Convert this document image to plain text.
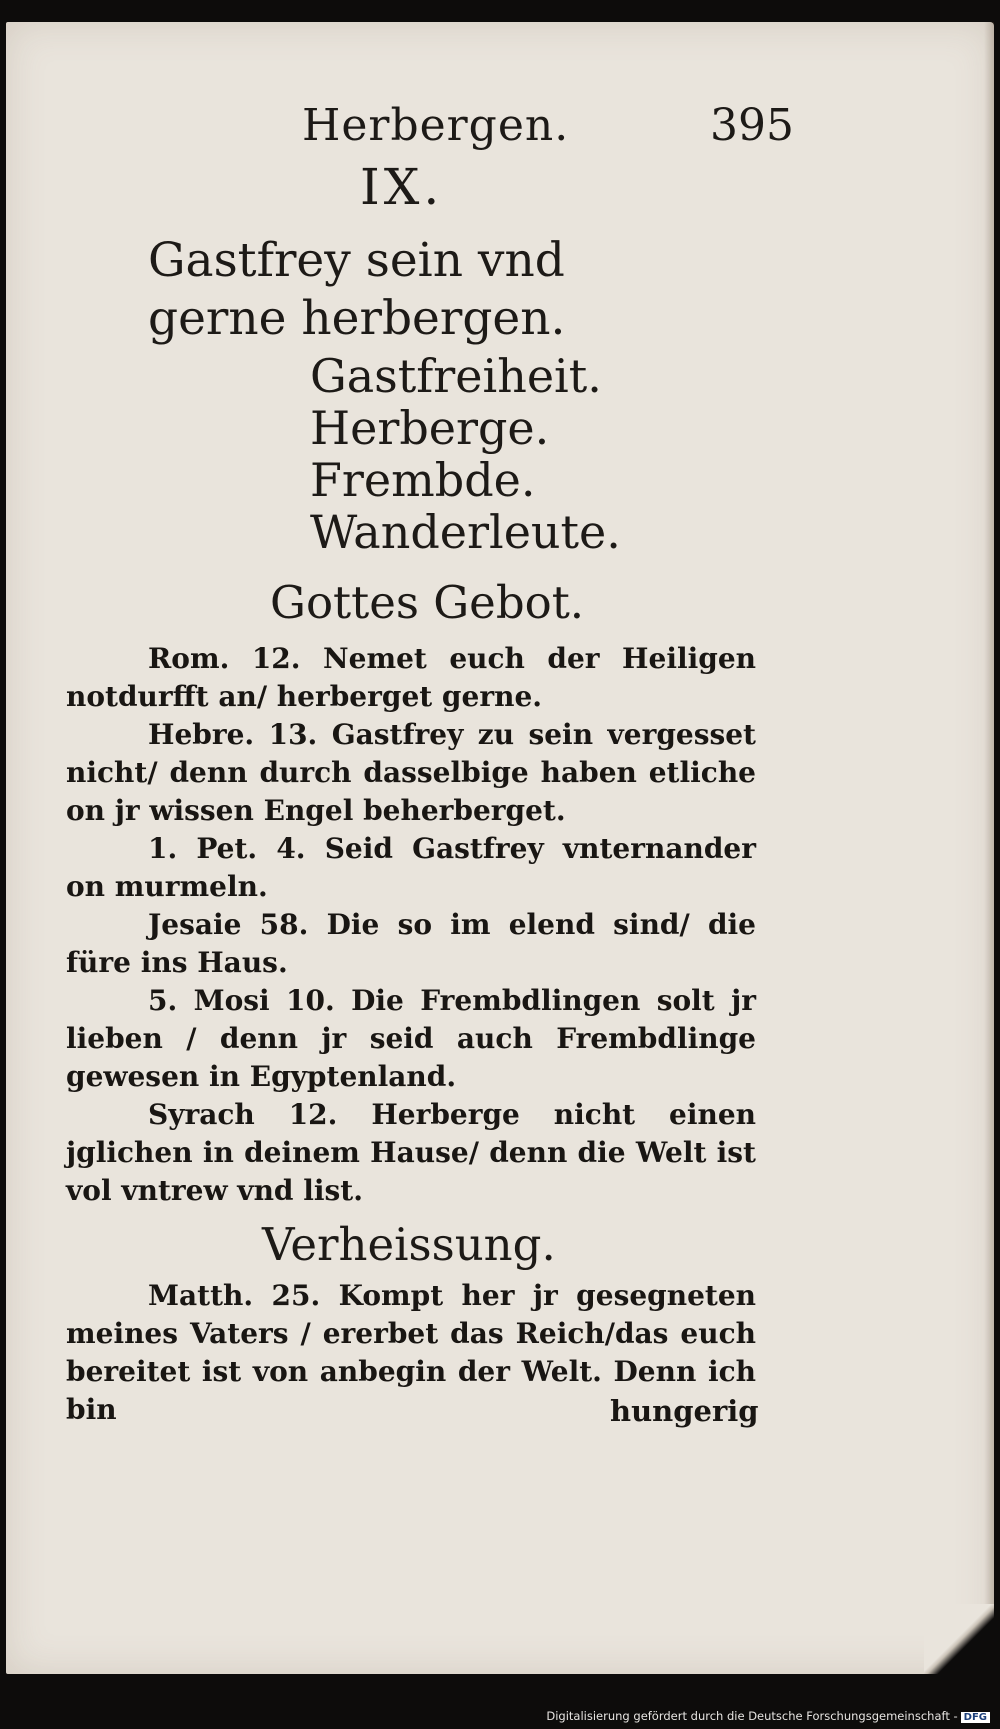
Herbergen.	395
IX.
Gastfrey sein vnd gerne herbergen.
Gastfreiheit.
Herberge.
Frembde.
Wanderleute.
Gottes Gebot.

Rom. 12. Nemet euch der Heiligen notdurfft an/ herberget gerne.

Hebre. 13. Gastfrey zu sein vergesset nicht/ denn durch dasselbige haben etliche on jr wissen Engel beherberget.

1. Pet. 4. Seid Gastfrey vnternander on murmeln.

Jesaie 58. Die so im elend sind/ die füre ins Haus.

5. Mosi 10. Die Frembdlingen solt jr lieben / denn jr seid auch Frembdlinge gewesen in Egyptenland.

Syrach 12. Herberge nicht einen jglichen in deinem Hause/ denn die Welt ist vol vntrew vnd list.

Verheissung.

Matth. 25. Kompt her jr gesegneten meines Vaters / ererbet das Reich/das euch bereitet ist von anbegin der Welt. Denn ich bin	hungerig
Digitalisierung gefördert durch die Deutsche Forschungsgemeinschaft - DFG
